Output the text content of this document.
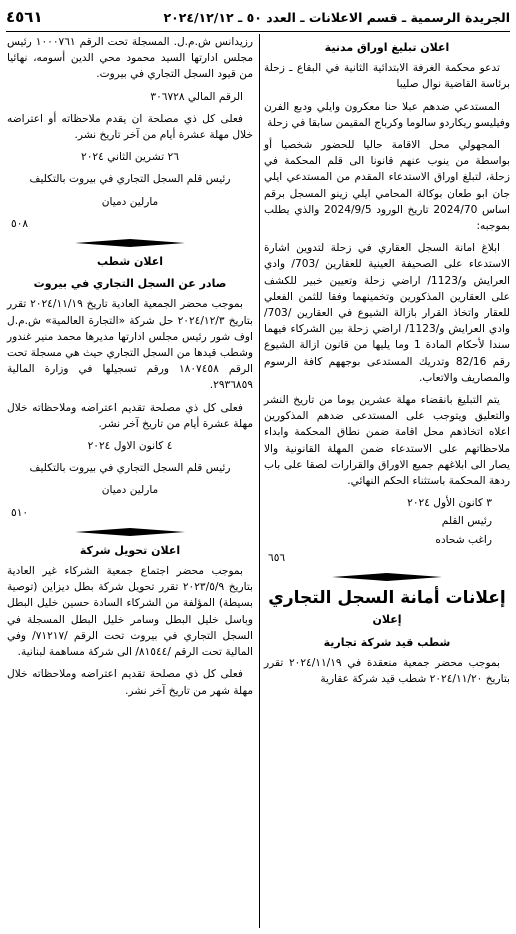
الجريدة الرسمية ـ قسم الاعلانات ـ العدد ٥٠ ـ ٢٠٢٤/١٢/١٢
٤٥٦١
اعلان تبليغ اوراق مدنية

تدعو محكمة الغرفة الابتدائية الثانية في البقاع ـ زحلة برئاسة القاضية نوال صليبا

المستدعي ضدهم عبلا حنا معكرون وايلي ودبع الفرن وفيليسو ريكاردو سالوما وكرباج المقيمن سابقا في زحلة

المجهولي محل الاقامة حاليا للحضور شخصيا أو بواسطة من ينوب عنهم قانونا الى قلم المحكمة في زحلة، لتبلغ اوراق الاستدعاء المقدم من المستدعي ايلي جان ابو طعان بوكالة المحامي ايلي زينو المسجل برقم اساس 2024/70 تاريخ الورود 2024/9/5 والذي يطلب بموجبه:

ابلاغ امانة السجل العقاري في زحلة لتدوين اشارة الاستدعاء على الصحيفة العينية للعقارين /703/ وادي العرايش و/1123/ اراضي زحلة وتعيين خبير للكشف على العقارين المذكورين وتخمينهما وفقا للثمن الفعلي للعقار واتخاذ القرار بازالة الشيوع في العقارين /703/ وادي العرايش و/1123/ اراضي زحلة بين الشركاء فيهما سندا لأحكام المادة 1 وما يليها من قانون ازالة الشيوع رقم 82/16 وتدريك المستدعى بوجههم كافة الرسوم والمصاريف والاتعاب.

يتم التبليغ بانقضاء مهلة عشرين يوما من تاريخ النشر والتعليق ويتوجب على المستدعى ضدهم المذكورين اعلاه اتخاذهم محل اقامة ضمن نطاق المحكمة وابداء ملاحظاتهم على الاستدعاء ضمن المهلة القانونية والا يصار الى ابلاغهم جميع الاوراق والقرارات لصقا على باب ردهة المحكمة باستثناء الحكم النهائي.

٣ كانون الأول ٢٠٢٤

رئيس القلم

راغب شحاده

٦٥٦

إعلانات أمانة السجل التجاري
إعلان
شطب قيد شركة تجارية

بموجب محضر جمعية منعقدة في ٢٠٢٤/١١/١٩ تقرر بتاريخ ٢٠٢٤/١١/٢٠ شطب قيد شركة عقارية

رزيدانس ش.م.ل. المسجلة تحت الرقم ١٠٠٠٧٦١ رئيس مجلس ادارتها السيد محمود محي الدين أسومه، نهائيا من قيود السجل التجاري في بيروت.

الرقم المالي ٣٠٦٧٢٨

فعلى كل ذي مصلحة ان يقدم ملاحظاته أو اعتراضه خلال مهلة عشرة أيام من آخر تاريخ نشر.

٢٦ تشرين الثاني ٢٠٢٤

رئيس قلم السجل التجاري في بيروت بالتكليف

مارلين دميان

٥٠٨

اعلان شطب
صادر عن السجل التجاري في بيروت

بموجب محضر الجمعية العادية تاريخ ٢٠٢٤/١١/١٩ تقرر بتاريخ ٢٠٢٤/١٢/٣ حل شركة «التجارة العالمية» ش.م.ل اوف شور رئيس مجلس ادارتها مديرها محمد منير غندور وشطب قيدها من السجل التجاري حيث هي مسجلة تحت الرقم ١٨٠٧٤٥٨ ورقم تسجيلها في وزارة المالية ٢٩٣٦٨٥٩.

فعلى كل ذي مصلحة تقديم اعتراضه وملاحظاته خلال مهلة عشرة أيام من تاريخ آخر نشر.

٤ كانون الاول ٢٠٢٤

رئيس قلم السجل التجاري في بيروت بالتكليف

مارلين دميان

٥١٠

اعلان تحويل شركة

بموجب محضر اجتماع جمعية الشركاء غير العادية بتاريخ ٢٠٢٣/٥/٩ تقرر تحويل شركة بطل ديزاين (توصية بسيطة) المؤلفة من الشركاء السادة حسين خليل البطل وباسل خليل البطل وسامر خليل البطل المسجلة في السجل التجاري في بيروت تحت الرقم /٧١٢١٧/ وفي المالية تحت الرقم /٨١٥٤٤/ الى شركة مساهمة لبنانية.

فعلى كل ذي مصلحة تقديم اعتراضه وملاحظاته خلال مهلة شهر من تاريخ آخر نشر.
